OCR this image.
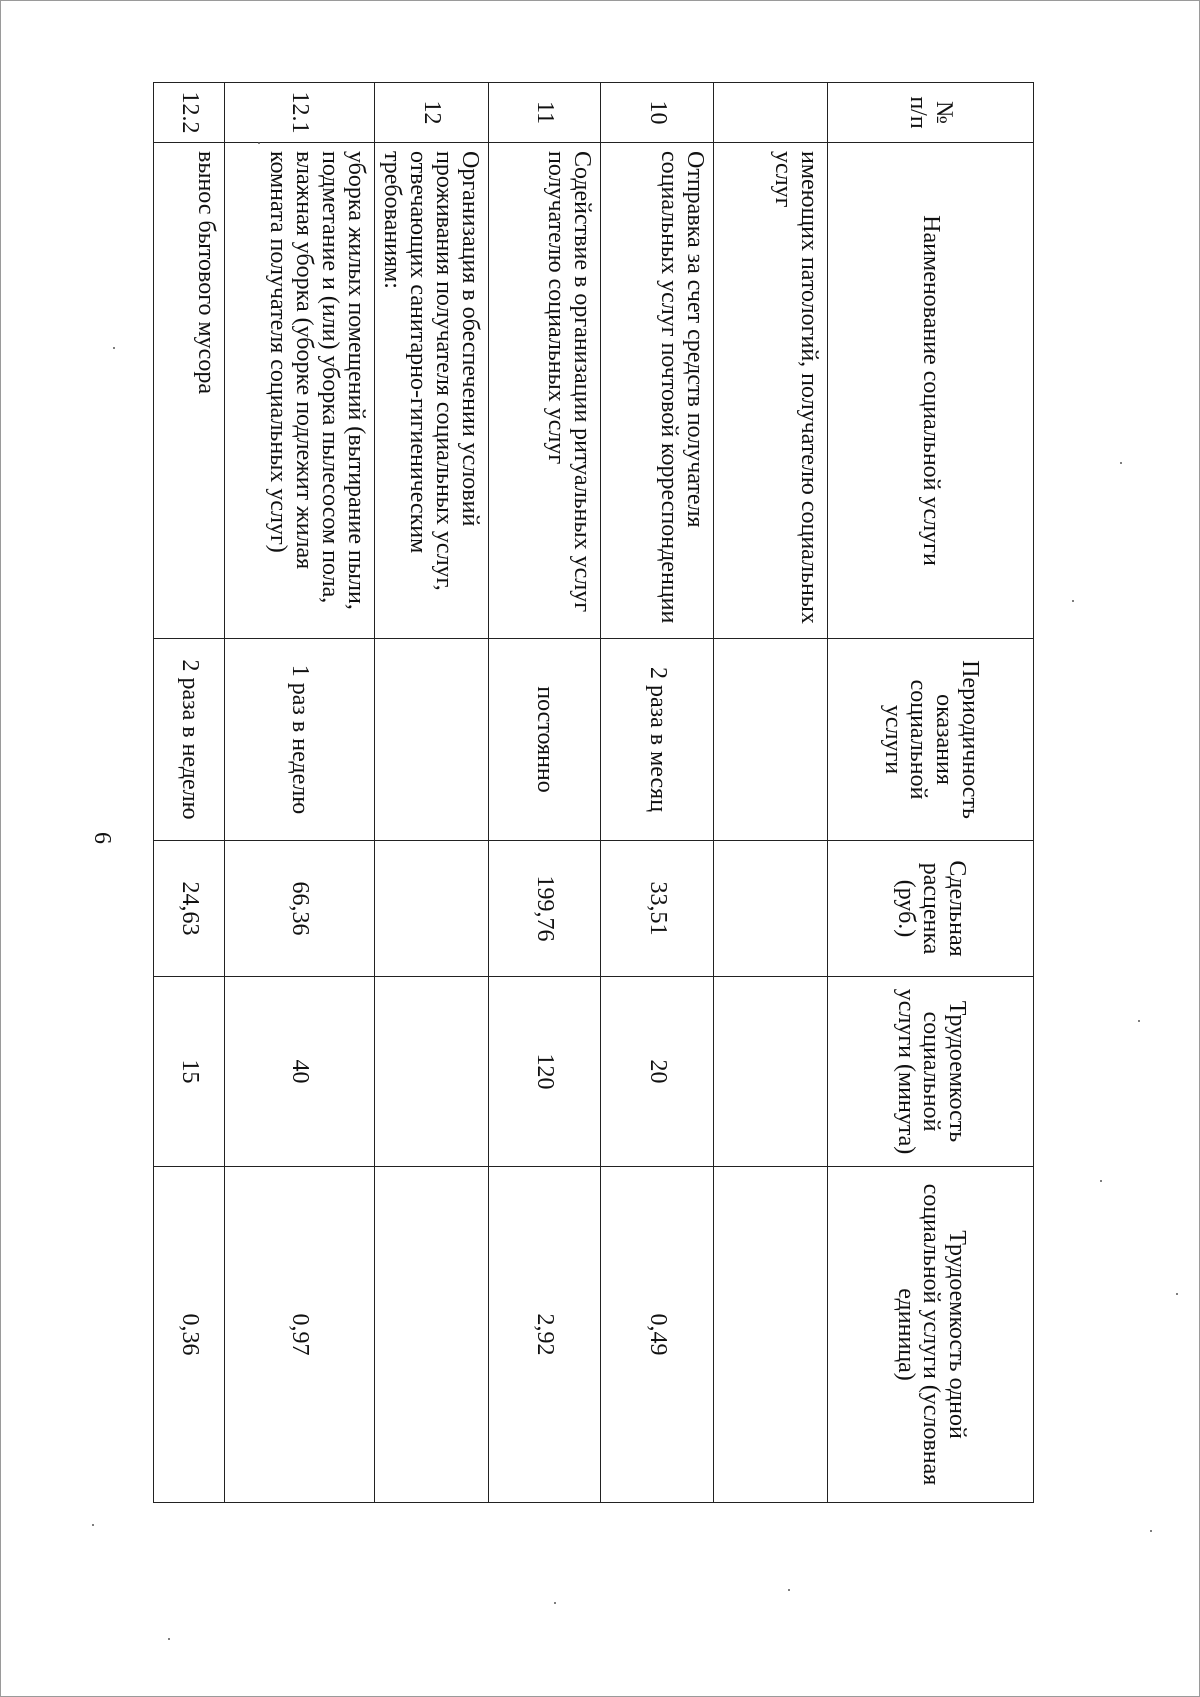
6
№ п/п	Наименование социальной услуги	Периодичность оказания социальной услуги	Сдельная расценка (руб.)	Трудоемкость социальной услуги (минута)	Трудоемкость одной социальной услуги (условная единица)
	имеющих патологий, получателю социальных услуг				
10	Отправка за счет средств получателя социальных услуг почтовой корреспонденции	2 раза в месяц	33,51	20	0,49
11	Содействие в организации ритуальных услуг получателю социальных услуг	постоянно	199,76	120	2,92
12	Организация в обеспечении условий проживания получателя социальных услуг, отвечающих санитарно-гигиеническим требованиям:				
12.1	уборка жилых помещений (вытирание пыли, подметание и (или) уборка пылесосом пола, влажная уборка (уборке подлежит жилая комната получателя социальных услуг)	1 раз в неделю	66,36	40	0,97
12.2	вынос бытового мусора	2 раза в неделю	24,63	15	0,36
